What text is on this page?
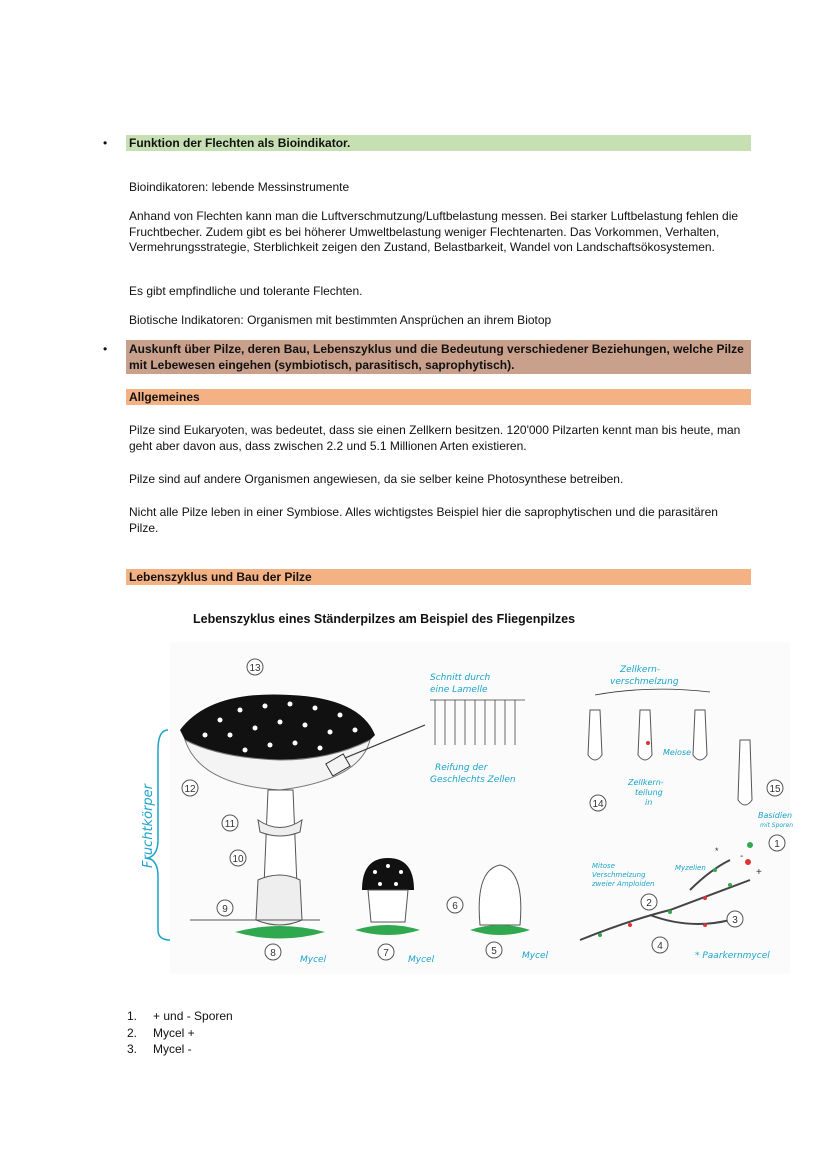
• Funktion der Flechten als Bioindikator.
Bioindikatoren: lebende Messinstrumente
Anhand von Flechten kann man die Luftverschmutzung/Luftbelastung messen. Bei starker Luftbelastung fehlen die Fruchtbecher. Zudem gibt es bei höherer Umweltbelastung weniger Flechtenarten. Das Vorkommen, Verhalten, Vermehrungsstrategie, Sterblichkeit zeigen den Zustand, Belastbarkeit, Wandel von Landschaftsökosystemen.
Es gibt empfindliche und tolerante Flechten.
Biotische Indikatoren: Organismen mit bestimmten Ansprüchen an ihrem Biotop
• Auskunft über Pilze, deren Bau, Lebenszyklus und die Bedeutung verschiedener Beziehungen, welche Pilze mit Lebewesen eingehen (symbiotisch, parasitisch, saprophytisch).
Allgemeines
Pilze sind Eukaryoten, was bedeutet, dass sie einen Zellkern besitzen. 120'000 Pilzarten kennt man bis heute, man geht aber davon aus, dass zwischen 2.2 und 5.1 Millionen Arten existieren.
Pilze sind auf andere Organismen angewiesen, da sie selber keine Photosynthese betreiben.
Nicht alle Pilze leben in einer Symbiose. Alles wichtigstes Beispiel hier die saprophytischen und die parasitären Pilze.
Lebenszyklus und Bau der Pilze
Lebenszyklus eines Ständerpilzes am Beispiel des Fliegenpilzes
Fruchtkörper
Schnitt durch
eine Lamelle
Reifung der
Geschlechts Zellen
Zellkern-
verschmelzung
Meiose
Zellkern-
teilung
in
Basidien
mit Sporen
+
-
Mitose
Verschmelzung
zweier Amploiden
Myzelien
*
* Paarkernmycel
Mycel	Mycel	Mycel
13
12
11
10
9
8	7
6
5
14
15
1
2
3
4
1. + und - Sporen
2. Mycel +
3. Mycel -
